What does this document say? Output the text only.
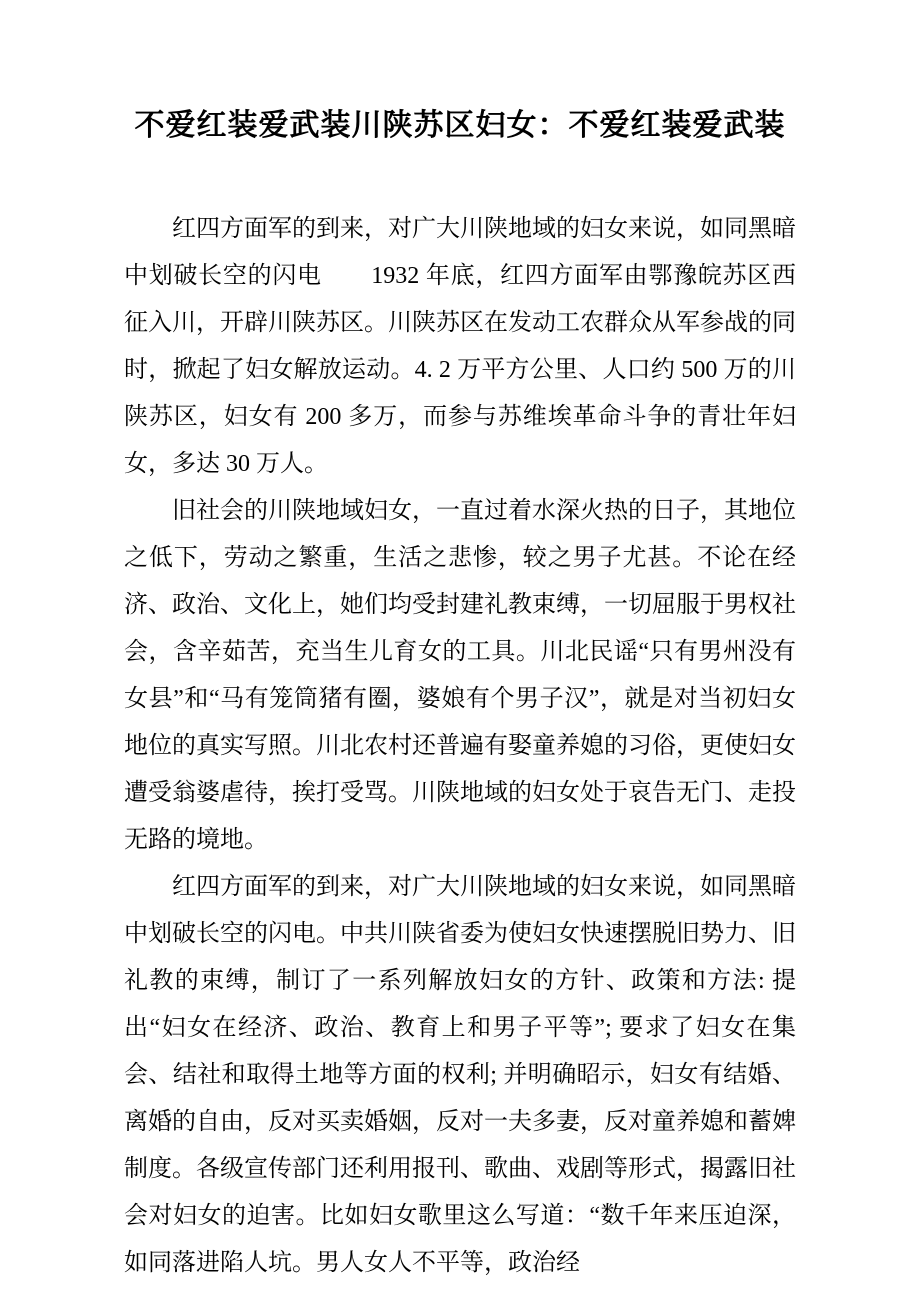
不爱红装爱武装川陕苏区妇女：不爱红装爱武装

红四方面军的到来，对广大川陕地域的妇女来说，如同黑暗中划破长空的闪电　　1932 年底，红四方面军由鄂豫皖苏区西征入川，开辟川陕苏区。川陕苏区在发动工农群众从军参战的同时，掀起了妇女解放运动。4. 2 万平方公里、人口约 500 万的川陕苏区，妇女有 200 多万，而参与苏维埃革命斗争的青壮年妇女，多达 30 万人。

旧社会的川陕地域妇女，一直过着水深火热的日子，其地位之低下，劳动之繁重，生活之悲惨，较之男子尤甚。不论在经济、政治、文化上，她们均受封建礼教束缚，一切屈服于男权社会，含辛茹苦，充当生儿育女的工具。川北民谣“只有男州没有女县”和“马有笼筒猪有圈，婆娘有个男子汉”，就是对当初妇女地位的真实写照。川北农村还普遍有娶童养媳的习俗，更使妇女遭受翁婆虐待，挨打受骂。川陕地域的妇女处于哀告无门、走投无路的境地。

红四方面军的到来，对广大川陕地域的妇女来说，如同黑暗中划破长空的闪电。中共川陕省委为使妇女快速摆脱旧势力、旧礼教的束缚，制订了一系列解放妇女的方针、政策和方法: 提出“妇女在经济、政治、教育上和男子平等”; 要求了妇女在集会、结社和取得土地等方面的权利; 并明确昭示，妇女有结婚、离婚的自由，反对买卖婚姻，反对一夫多妻，反对童养媳和蓄婢制度。各级宣传部门还利用报刊、歌曲、戏剧等形式，揭露旧社会对妇女的迫害。比如妇女歌里这么写道：“数千年来压迫深，如同落进陷人坑。男人女人不平等，政治经
